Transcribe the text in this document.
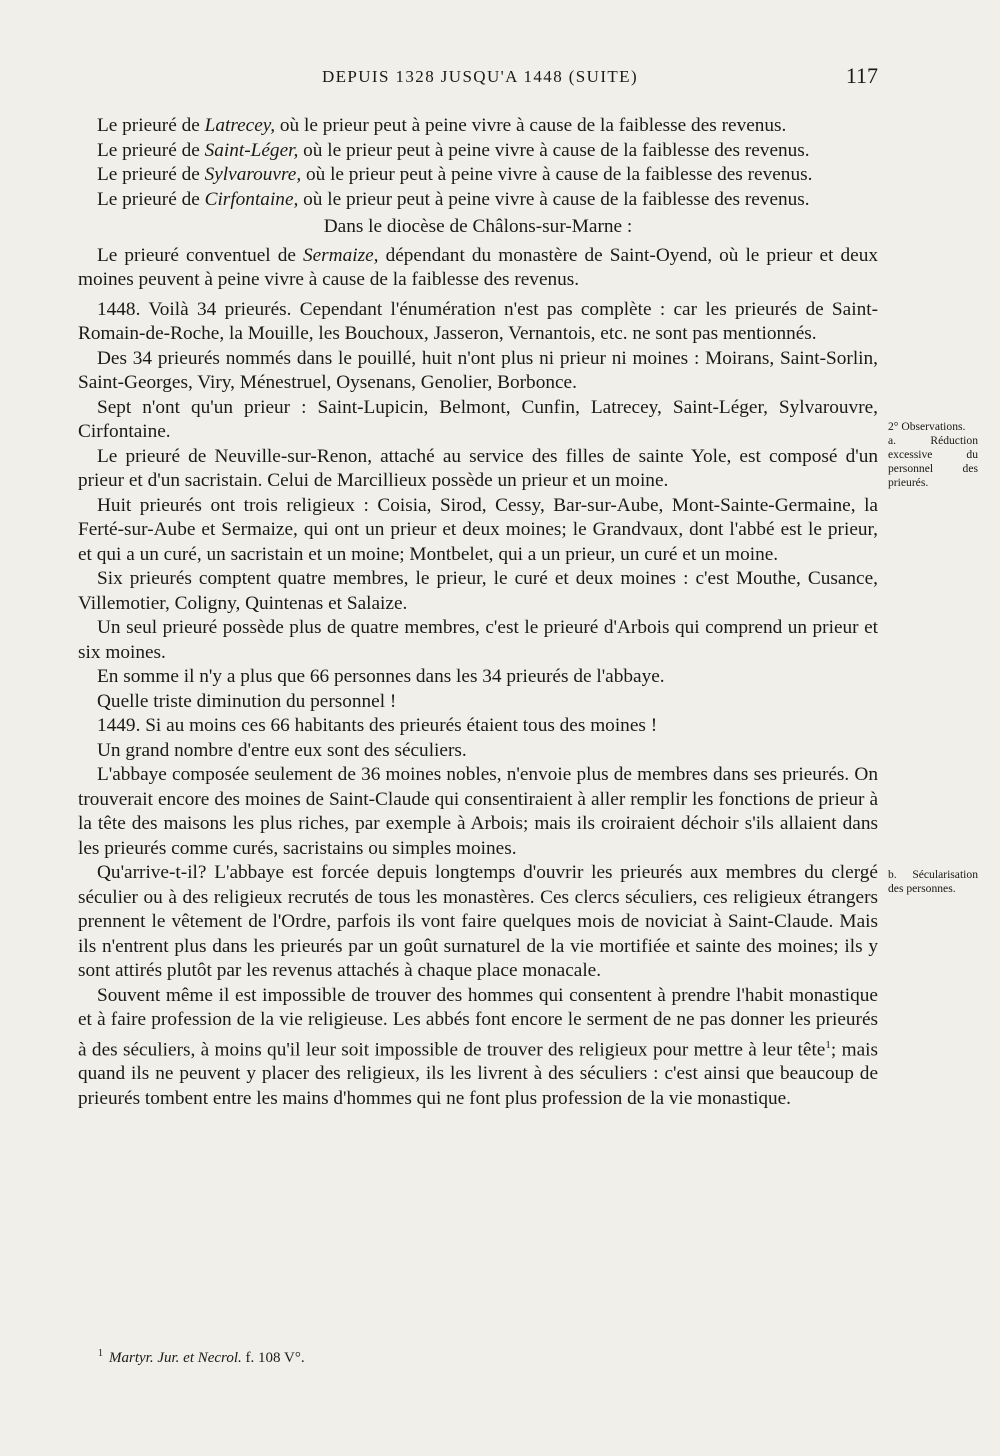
DEPUIS 1328 JUSQU'A 1448 (SUITE)	117

Le prieuré de Latrecey, où le prieur peut à peine vivre à cause de la faiblesse des revenus.

Le prieuré de Saint-Léger, où le prieur peut à peine vivre à cause de la faiblesse des revenus.

Le prieuré de Sylvarouvre, où le prieur peut à peine vivre à cause de la faiblesse des revenus.

Le prieuré de Cirfontaine, où le prieur peut à peine vivre à cause de la faiblesse des revenus.

Dans le diocèse de Châlons-sur-Marne :

Le prieuré conventuel de Sermaize, dépendant du monastère de Saint-Oyend, où le prieur et deux moines peuvent à peine vivre à cause de la faiblesse des revenus.

1448. Voilà 34 prieurés. Cependant l'énumération n'est pas complète : car les prieurés de Saint-Romain-de-Roche, la Mouille, les Bouchoux, Jasseron, Vernantois, etc. ne sont pas mentionnés.

Des 34 prieurés nommés dans le pouillé, huit n'ont plus ni prieur ni moines : Moirans, Saint-Sorlin, Saint-Georges, Viry, Ménestruel, Oysenans, Genolier, Borbonce.

Sept n'ont qu'un prieur : Saint-Lupicin, Belmont, Cunfin, Latrecey, Saint-Léger, Sylvarouvre, Cirfontaine.

Le prieuré de Neuville-sur-Renon, attaché au service des filles de sainte Yole, est composé d'un prieur et d'un sacristain. Celui de Marcillieux possède un prieur et un moine.

Huit prieurés ont trois religieux : Coisia, Sirod, Cessy, Bar-sur-Aube, Mont-Sainte-Germaine, la Ferté-sur-Aube et Sermaize, qui ont un prieur et deux moines; le Grandvaux, dont l'abbé est le prieur, et qui a un curé, un sacristain et un moine; Montbelet, qui a un prieur, un curé et un moine.

Six prieurés comptent quatre membres, le prieur, le curé et deux moines : c'est Mouthe, Cusance, Villemotier, Coligny, Quintenas et Salaize.

Un seul prieuré possède plus de quatre membres, c'est le prieuré d'Arbois qui comprend un prieur et six moines.

En somme il n'y a plus que 66 personnes dans les 34 prieurés de l'abbaye.

Quelle triste diminution du personnel !

1449. Si au moins ces 66 habitants des prieurés étaient tous des moines !

Un grand nombre d'entre eux sont des séculiers.

L'abbaye composée seulement de 36 moines nobles, n'envoie plus de membres dans ses prieurés. On trouverait encore des moines de Saint-Claude qui consentiraient à aller remplir les fonctions de prieur à la tête des maisons les plus riches, par exemple à Arbois; mais ils croiraient déchoir s'ils allaient dans les prieurés comme curés, sacristains ou simples moines.

Qu'arrive-t-il? L'abbaye est forcée depuis longtemps d'ouvrir les prieurés aux membres du clergé séculier ou à des religieux recrutés de tous les monastères. Ces clercs séculiers, ces religieux étrangers prennent le vêtement de l'Ordre, parfois ils vont faire quelques mois de noviciat à Saint-Claude. Mais ils n'entrent plus dans les prieurés par un goût surnaturel de la vie mortifiée et sainte des moines; ils y sont attirés plutôt par les revenus attachés à chaque place monacale.

Souvent même il est impossible de trouver des hommes qui consentent à prendre l'habit monastique et à faire profession de la vie religieuse. Les abbés font encore le serment de ne pas donner les prieurés à des séculiers, à moins qu'il leur soit impossible de trouver des religieux pour mettre à leur tête$^1$; mais quand ils ne peuvent y placer des religieux, ils les livrent à des séculiers : c'est ainsi que beaucoup de prieurés tombent entre les mains d'hommes qui ne font plus profession de la vie monastique.

2° Observations.
a. Réduction excessive du personnel des prieurés.
b. Sécularisation des personnes.
$^1$ Martyr. Jur. et Necrol. f. 108 V°.
